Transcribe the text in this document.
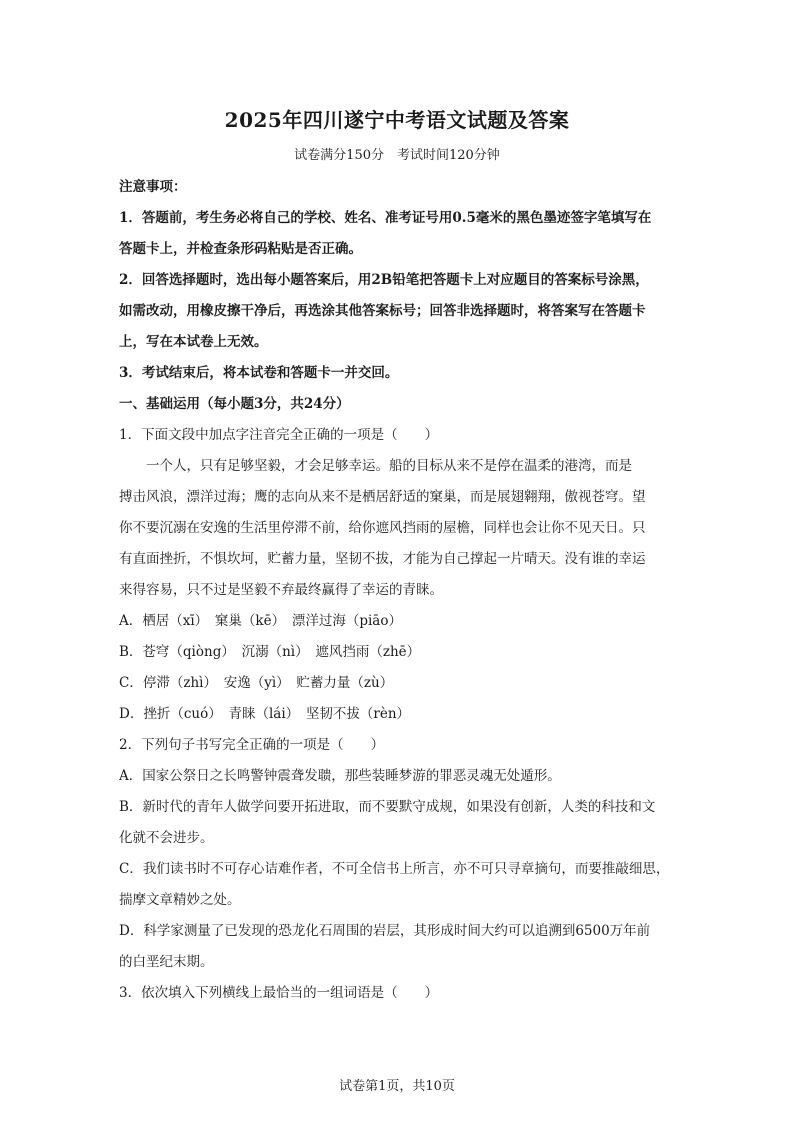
2025年四川遂宁中考语文试题及答案
试卷满分150分　考试时间120分钟
注意事项：
1．答题前，考生务必将自己的学校、姓名、准考证号用0.5毫米的黑色墨迹签字笔填写在
答题卡上，并检查条形码粘贴是否正确。
2．回答选择题时，选出每小题答案后，用2B铅笔把答题卡上对应题目的答案标号涂黑，
如需改动，用橡皮擦干净后，再选涂其他答案标号；回答非选择题时，将答案写在答题卡
上，写在本试卷上无效。
3．考试结束后，将本试卷和答题卡一并交回。
一、基础运用（每小题3分，共24分）
1．下面文段中加点字注音完全正确的一项是（　　）
一个人，只有足够坚毅，才会足够幸运。船的目标从来不是停在温柔的港湾，而是
搏击风浪，漂洋过海；鹰的志向从来不是栖居舒适的窠巢，而是展翅翱翔，傲视苍穹。望
你不要沉溺在安逸的生活里停滞不前，给你遮风挡雨的屋檐，同样也会让你不见天日。只
有直面挫折，不惧坎坷，贮蓄力量，坚韧不拔，才能为自己撑起一片晴天。没有谁的幸运
来得容易，只不过是坚毅不弃最终赢得了幸运的青睐。
A．栖居（xī）　窠巢（kē）　漂洋过海（piāo）
B．苍穹（qiòng）　沉溺（nì）　遮风挡雨（zhē）
C．停滞（zhì）　安逸（yì）　贮蓄力量（zù）
D．挫折（cuó）　青睐（lái）　坚韧不拔（rèn）
2．下列句子书写完全正确的一项是（　　）
A．国家公祭日之长鸣警钟震聋发聩，那些装睡梦游的罪恶灵魂无处遁形。
B．新时代的青年人做学问要开拓进取，而不要默守成规，如果没有创新，人类的科技和文
化就不会进步。
C．我们读书时不可存心诘难作者，不可全信书上所言，亦不可只寻章摘句，而要推敲细思，
揣摩文章精妙之处。
D．科学家测量了已发现的恐龙化石周围的岩层，其形成时间大约可以追溯到6500万年前
的白垩纪末期。
3．依次填入下列横线上最恰当的一组词语是（　　）
试卷第1页，共10页
